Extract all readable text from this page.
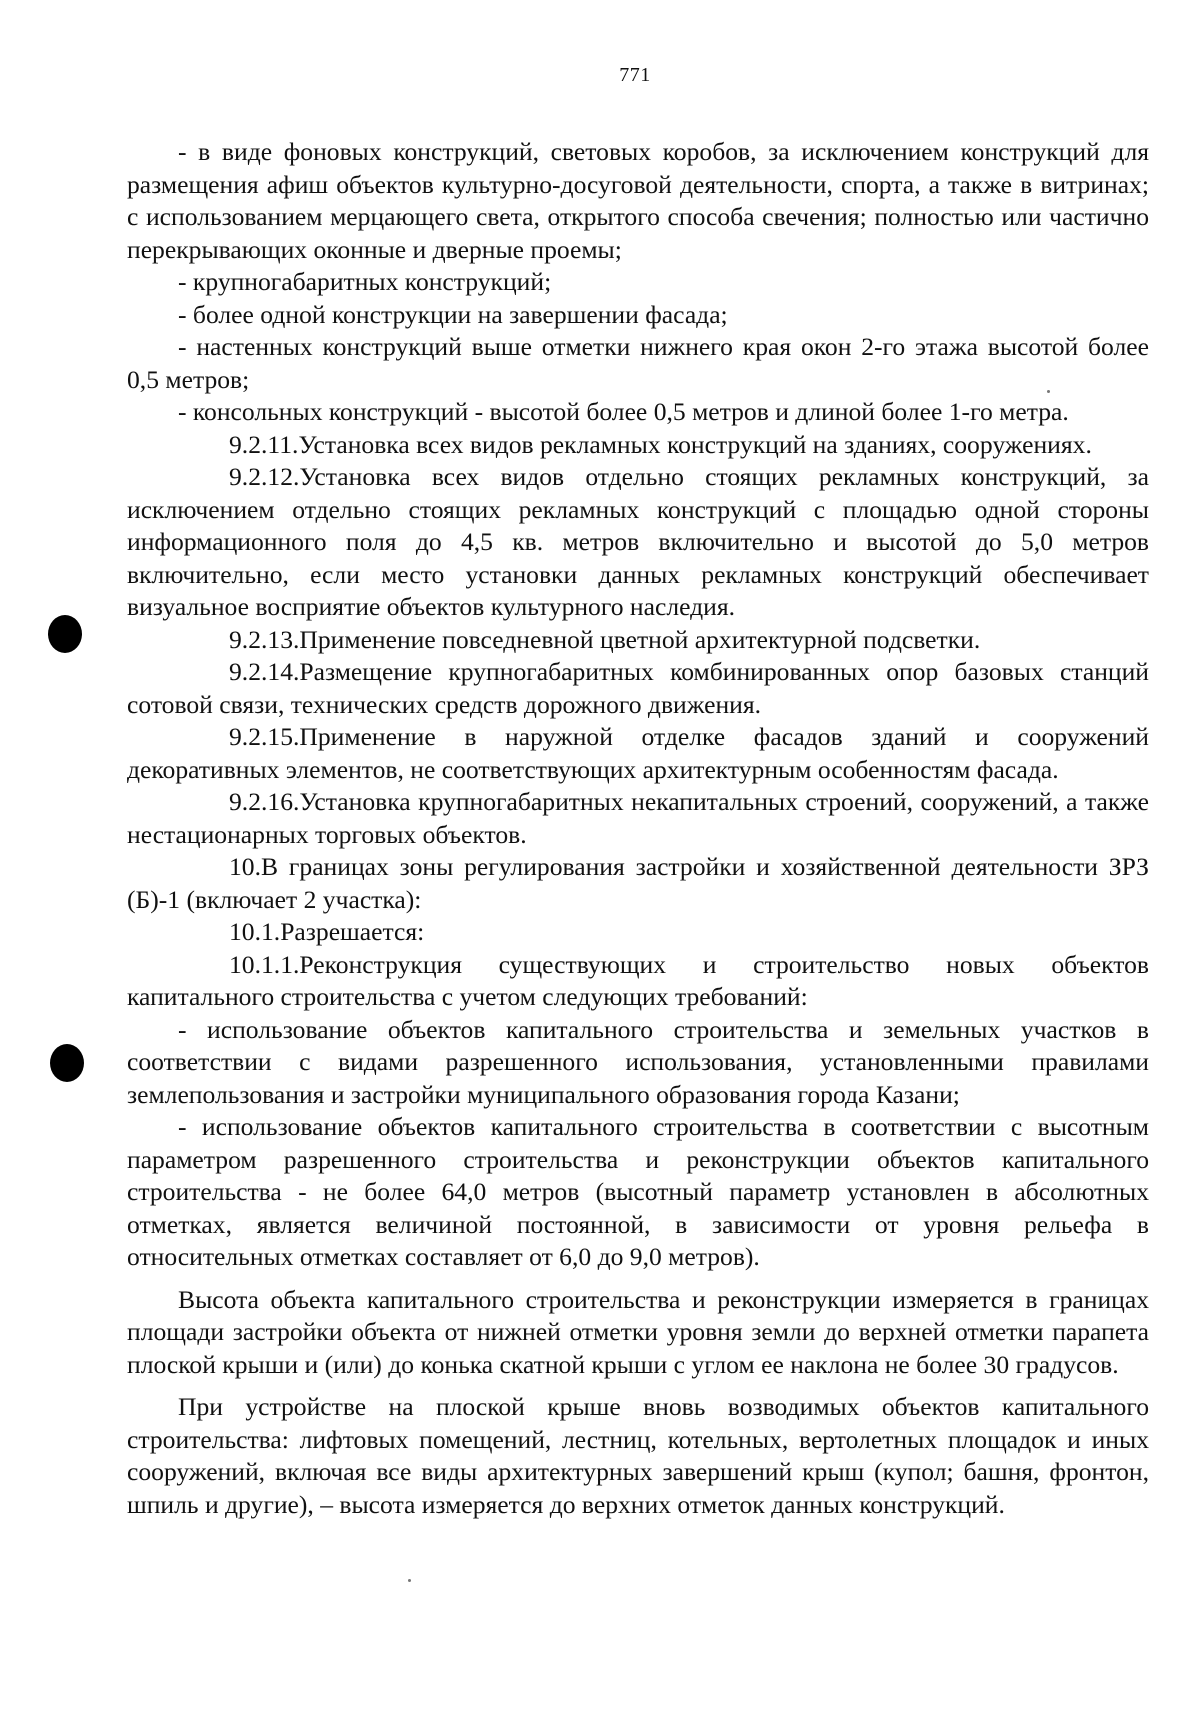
771

- в виде фоновых конструкций, световых коробов, за исключением конструкций для размещения афиш объектов культурно-досуговой деятельности, спорта, а также в витринах; с использованием мерцающего света, открытого способа свечения; полностью или частично перекрывающих оконные и дверные проемы;

- крупногабаритных конструкций;

- более одной конструкции на завершении фасада;

- настенных конструкций выше отметки нижнего края окон 2-го этажа высотой более 0,5 метров;

- консольных конструкций - высотой более 0,5 метров и длиной более 1-го метра.

9.2.11.Установка всех видов рекламных конструкций на зданиях, сооружениях.

9.2.12.Установка всех видов отдельно стоящих рекламных конструкций, за исключением отдельно стоящих рекламных конструкций с площадью одной стороны информационного поля до 4,5 кв. метров включительно и высотой до 5,0 метров включительно, если место установки данных рекламных конструкций обеспечивает визуальное восприятие объектов культурного наследия.

9.2.13.Применение повседневной цветной архитектурной подсветки.

9.2.14.Размещение крупногабаритных комбинированных опор базовых станций сотовой связи, технических средств дорожного движения.

9.2.15.Применение в наружной отделке фасадов зданий и сооружений декоративных элементов, не соответствующих архитектурным особенностям фасада.

9.2.16.Установка крупногабаритных некапитальных строений, сооружений, а также нестационарных торговых объектов.

10.В границах зоны регулирования застройки и хозяйственной деятельности ЗРЗ (Б)-1 (включает 2 участка):

10.1.Разрешается:

10.1.1.Реконструкция существующих и строительство новых объектов капитального строительства с учетом следующих требований:

- использование объектов капитального строительства и земельных участков в соответствии с видами разрешенного использования, установленными правилами землепользования и застройки муниципального образования города Казани;

- использование объектов капитального строительства в соответствии с высотным параметром разрешенного строительства и реконструкции объектов капитального строительства - не более 64,0 метров (высотный параметр установлен в абсолютных отметках, является величиной постоянной, в зависимости от уровня рельефа в относительных отметках составляет от 6,0 до 9,0 метров).

Высота объекта капитального строительства и реконструкции измеряется в границах площади застройки объекта от нижней отметки уровня земли до верхней отметки парапета плоской крыши и (или) до конька скатной крыши с углом ее наклона не более 30 градусов.

При устройстве на плоской крыше вновь возводимых объектов капитального строительства: лифтовых помещений, лестниц, котельных, вертолетных площадок и иных сооружений, включая все виды архитектурных завершений крыш (купол; башня, фронтон, шпиль и другие), – высота измеряется до верхних отметок данных конструкций.
